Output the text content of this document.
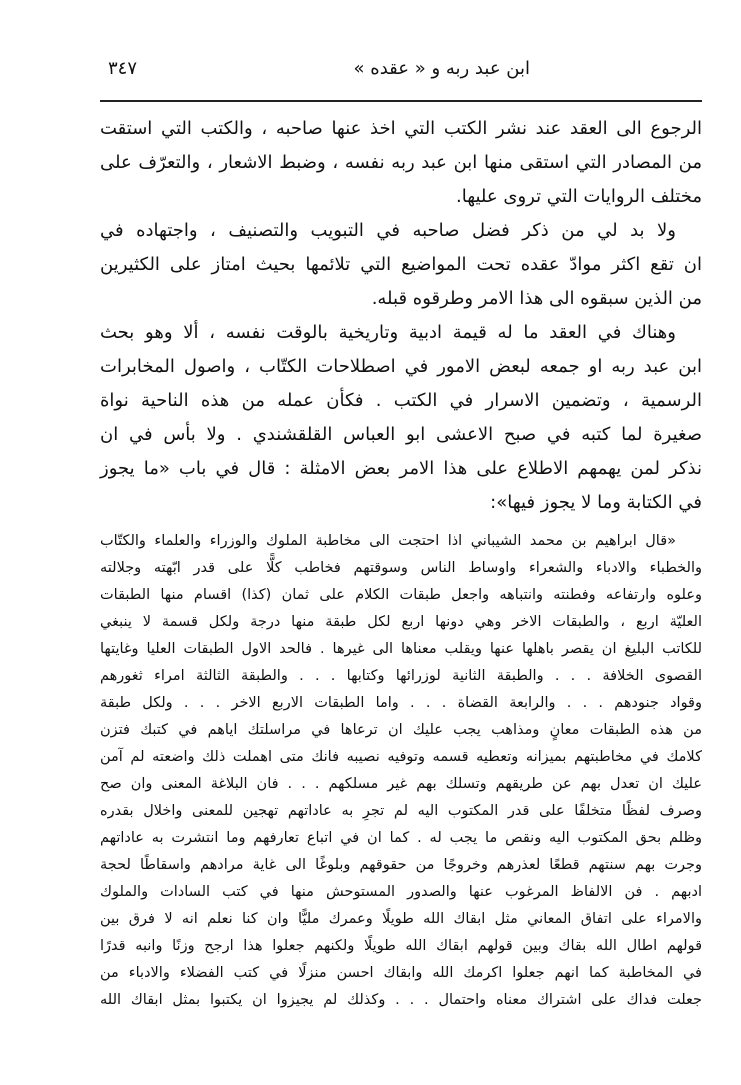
ابن عبد ربه و « عقده »
٣٤٧
الرجوع الى العقد عند نشر الكتب التي اخذ عنها صاحبه ، والكتب التي استقت
من المصادر التي استقى منها ابن عبد ربه نفسه ، وضبط الاشعار ، والتعرّف على
مختلف الروايات التي تروى عليها.
ولا بد لي من ذكر فضل صاحبه في التبويب والتصنيف ، واجتهاده في
ان تقع اكثر موادّ عقده تحت المواضيع التي تلائمها بحيث امتاز على الكثيرين
من الذين سبقوه الى هذا الامر وطرقوه قبله.
وهناك في العقد ما له قيمة ادبية وتاريخية بالوقت نفسه ، ألا وهو بحث
ابن عبد ربه او جمعه لبعض الامور في اصطلاحات الكتّاب ، واصول المخابرات
الرسمية ، وتضمين الاسرار في الكتب . فكأن عمله من هذه الناحية نواة
صغيرة لما كتبه في صبح الاعشى ابو العباس القلقشندي . ولا بأس في ان
نذكر لمن يهمهم الاطلاع على هذا الامر بعض الامثلة : قال في باب «ما يجوز
في الكتابة وما لا يجوز فيها»:
«قال ابراهيم بن محمد الشيباني اذا احتجت الى مخاطبة الملوك والوزراء والعلماء والكتّاب
والخطباء والادباء والشعراء واوساط الناس وسوقتهم فخاطب كلًّا على قدر ابّهته وجلالته
وعلوه وارتفاعه وفطنته وانتباهه واجعل طبقات الكلام على ثمان (كذا) اقسام منها الطبقات
العليّة اربع ، والطبقات الاخر وهي دونها اربع لكل طبقة منها درجة ولكل قسمة لا ينبغي
للكاتب البليغ ان يقصر باهلها عنها ويقلب معناها الى غيرها . فالحد الاول الطبقات العليا وغايتها
القصوى الخلافة . . . والطبقة الثانية لوزرائها وكتابها . . . والطبقة الثالثة امراء ثغورهم
وقواد جنودهم . . . والرابعة القضاة . . . واما الطبقات الاربع الاخر . . . ولكل طبقة
من هذه الطبقات معانٍ ومذاهب يجب عليك ان ترعاها في مراسلتك اياهم في كتبك فتزن
كلامك في مخاطبتهم بميزانه وتعطيه قسمه وتوفيه نصيبه فانك متى اهملت ذلك واضعته لم آمن
عليك ان تعدل بهم عن طريقهم وتسلك بهم غير مسلكهم . . . فان البلاغة المعنى وان صح
وصرف لفظًا متخلفًا على قدر المكتوب اليه لم تجرِ به عاداتهم تهجين للمعنى واخلال بقدره
وظلم بحق المكتوب اليه ونقص ما يجب له . كما ان في اتباع تعارفهم وما انتشرت به عاداتهم
وجرت بهم سنتهم قطعًا لعذرهم وخروجًا من حقوقهم وبلوغًا الى غاية مرادهم واسقاطًا لحجة
ادبهم . فن الالفاظ المرغوب عنها والصدور المستوحش منها في كتب السادات والملوك
والامراء على اتفاق المعاني مثل ابقاك الله طويلًا وعمرك مليًّا وان كنا نعلم انه لا فرق بين
قولهم اطال الله بقاك وبين قولهم ابقاك الله طويلًا ولكنهم جعلوا هذا ارجح وزنًا وانبه قدرًا
في المخاطبة كما انهم جعلوا اكرمك الله وابقاك احسن منزلًا في كتب الفضلاء والادباء من
جعلت فداك على اشتراك معناه واحتمال . . . وكذلك لم يجيزوا ان يكتبوا بمثل ابقاك الله
